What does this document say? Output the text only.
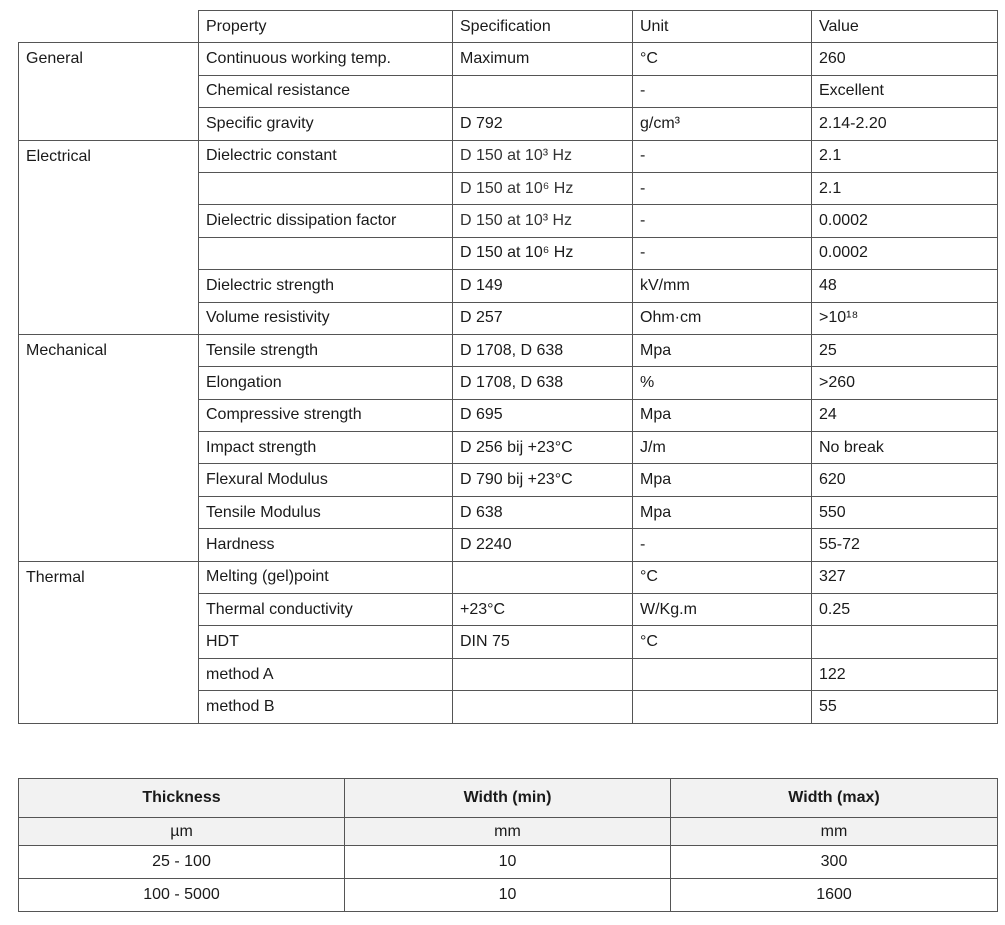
	Property	Specification	Unit	Value
General	Continuous working temp.	Maximum	°C	260
	Chemical resistance		-	Excellent
	Specific gravity	D 792	g/cm³	2.14-2.20
Electrical	Dielectric constant	D 150 at 10³ Hz	-	2.1
		D 150 at 10⁶ Hz	-	2.1
	Dielectric dissipation factor	D 150 at 10³ Hz	-	0.0002
		D 150 at 10⁶ Hz	-	0.0002
	Dielectric strength	D 149	kV/mm	48
	Volume resistivity	D 257	Ohm·cm	>10¹⁸
Mechanical	Tensile strength	D 1708, D 638	Mpa	25
	Elongation	D 1708, D 638	%	>260
	Compressive strength	D 695	Mpa	24
	Impact strength	D 256 bij +23°C	J/m	No break
	Flexural Modulus	D 790 bij +23°C	Mpa	620
	Tensile Modulus	D 638	Mpa	550
	Hardness	D 2240	-	55-72
Thermal	Melting (gel)point		°C	327
	Thermal conductivity	+23°C	W/Kg.m	0.25
	HDT	DIN 75	°C	
	method A			122
	method B			55
Thickness	Width (min)	Width (max)
µm	mm	mm
25 - 100	10	300
100 - 5000	10	1600
